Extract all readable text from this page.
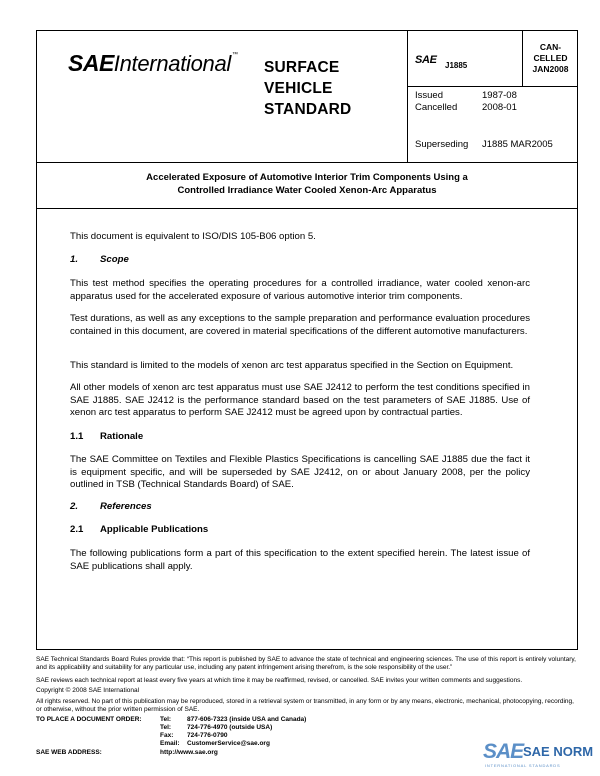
SAEInternational™
SURFACE
VEHICLE
STANDARD
SAE J1885
CAN-
CELLED
JAN2008
Issued	1987-08
Cancelled	2008-01
Superseding J1885 MAR2005
Accelerated Exposure of Automotive Interior Trim Components Using a
Controlled Irradiance Water Cooled Xenon-Arc Apparatus
This document is equivalent to ISO/DIS 105-B06 option 5.
1. Scope
This test method specifies the operating procedures for a controlled irradiance, water cooled xenon-arc apparatus used for the accelerated exposure of various automotive interior trim components.
Test durations, as well as any exceptions to the sample preparation and performance evaluation procedures contained in this document, are covered in material specifications of the different automotive manufacturers.
This standard is limited to the models of xenon arc test apparatus specified in the Section on Equipment.
All other models of xenon arc test apparatus must use SAE J2412 to perform the test conditions specified in SAE J1885. SAE J2412 is the performance standard based on the test parameters of SAE J1885. Use of xenon arc test apparatus to perform SAE J2412 must be agreed upon by contractual parties.
1.1 Rationale
The SAE Committee on Textiles and Flexible Plastics Specifications is cancelling SAE J1885 due the fact it is equipment specific, and will be superseded by SAE J2412, on or about January 2008, per the policy outlined in TSB (Technical Standards Board) of SAE.
2. References
2.1 Applicable Publications
The following publications form a part of this specification to the extent specified herein. The latest issue of SAE publications shall apply.
SAE Technical Standards Board Rules provide that: “This report is published by SAE to advance the state of technical and engineering sciences. The use of this report is entirely voluntary, and its applicability and suitability for any particular use, including any patent infringement arising therefrom, is the sole responsibility of the user.”
SAE reviews each technical report at least every five years at which time it may be reaffirmed, revised, or cancelled. SAE invites your written comments and suggestions.
Copyright © 2008 SAE International
All rights reserved. No part of this publication may be reproduced, stored in a retrieval system or transmitted, in any form or by any means, electronic, mechanical, photocopying, recording, or otherwise, without the prior written permission of SAE.
TO PLACE A DOCUMENT ORDER:	Tel: 877-606-7323 (inside USA and Canada)
Tel: 724-776-4970 (outside USA)
Fax: 724-776-0790
Email: CustomerService@sae.org
SAE WEB ADDRESS:	http://www.sae.org	SAE SAE NORM
INTERNATIONAL STANDARDS
